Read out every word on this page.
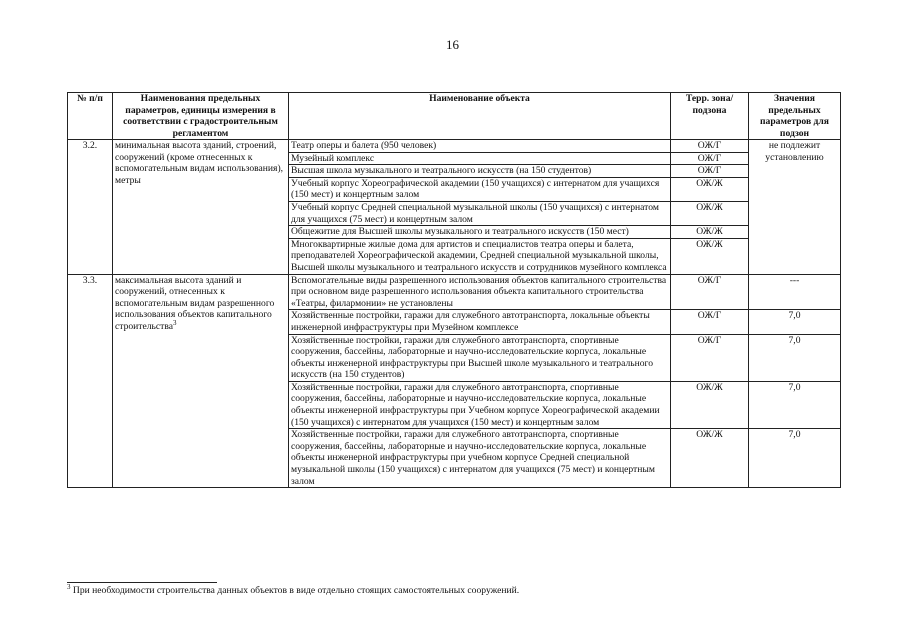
16
№ п/п	Наименования предельных параметров, единицы измерения в соответствии с градостроительным регламентом	Наименование объекта	Терр. зона/подзона	Значения предельных параметров для подзон
3.2.	минимальная высота зданий, строений, сооружений (кроме отнесенных к вспомогательным видам использования), метры	Театр оперы и балета (950 человек)	ОЖ/Г	не подлежит установлению
		Музейный комплекс	ОЖ/Г	
		Высшая школа музыкального и театрального искусств (на 150 студентов)	ОЖ/Г	
		Учебный корпус Хореографической академии (150 учащихся) с интернатом для учащихся (150 мест) и концертным залом	ОЖ/Ж	
		Учебный корпус Средней специальной музыкальной школы (150 учащихся) с интернатом для учащихся (75 мест) и концертным залом	ОЖ/Ж	
		Общежитие для Высшей школы музыкального и театрального искусств (150 мест)	ОЖ/Ж	
		Многоквартирные жилые дома для артистов и специалистов театра оперы и балета, преподавателей Хореографической академии, Средней специальной музыкальной школы, Высшей школы музыкального и театрального искусств и сотрудников музейного комплекса	ОЖ/Ж	
3.3.	максимальная высота зданий и сооружений, отнесенных к вспомогательным видам разрешенного использования объектов капитального строительства$^3$	Вспомогательные виды разрешенного использования объектов капитального строительства при основном виде разрешенного использования объекта капитального строительства «Театры, филармонии» не установлены	ОЖ/Г	---
		Хозяйственные постройки, гаражи для служебного автотранспорта, локальные объекты инженерной инфраструктуры при Музейном комплексе	ОЖ/Г	7,0
		Хозяйственные постройки, гаражи для служебного автотранспорта, спортивные сооружения, бассейны, лабораторные и научно-исследовательские корпуса, локальные объекты инженерной инфраструктуры при Высшей школе музыкального и театрального искусств (на 150 студентов)	ОЖ/Г	7,0
		Хозяйственные постройки, гаражи для служебного автотранспорта, спортивные сооружения, бассейны, лабораторные и научно-исследовательские корпуса, локальные объекты инженерной инфраструктуры при Учебном корпусе Хореографической академии (150 учащихся) с интернатом для учащихся (150 мест) и концертным залом	ОЖ/Ж	7,0
		Хозяйственные постройки, гаражи для служебного автотранспорта, спортивные сооружения, бассейны, лабораторные и научно-исследовательские корпуса, локальные объекты инженерной инфраструктуры при учебном корпусе Средней специальной музыкальной школы (150 учащихся) с интернатом для учащихся (75 мест) и концертным залом	ОЖ/Ж	7,0
$^3$ При необходимости строительства данных объектов в виде отдельно стоящих самостоятельных сооружений.
